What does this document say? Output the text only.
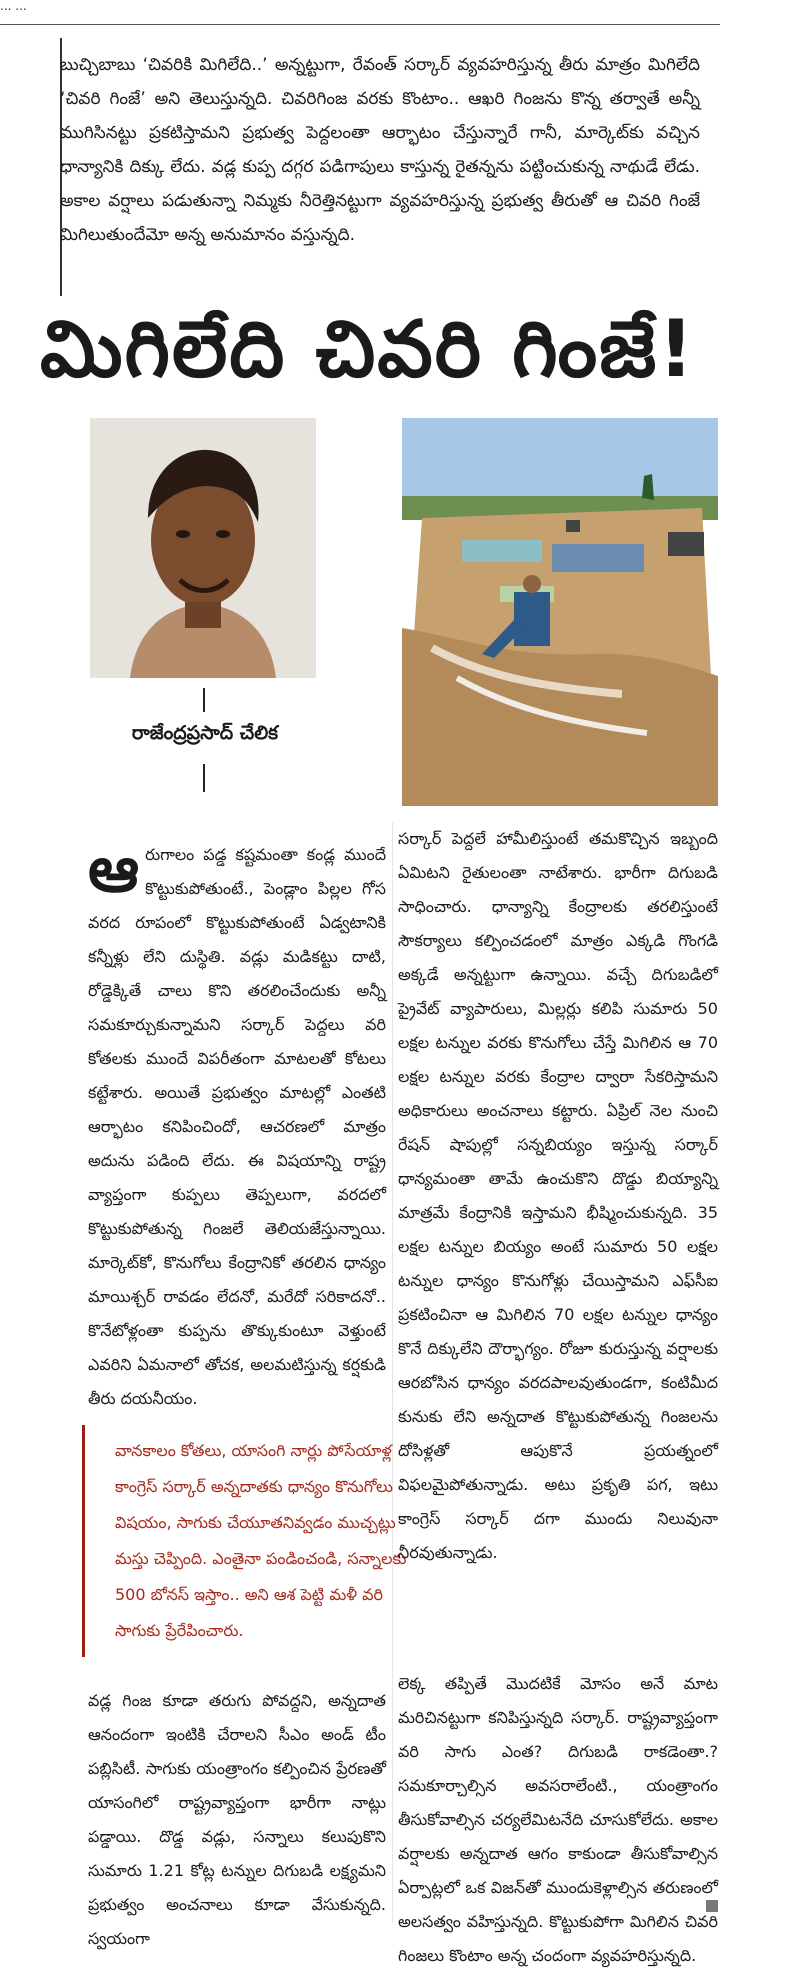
... ...
బుచ్చిబాబు ‘చివరికి మిగిలేది..’ అన్నట్టుగా, రేవంత్ సర్కార్ వ్యవహరిస్తున్న తీరు మాత్రం మిగిలేది ‘చివరి గింజే’ అని తెలుస్తున్నది. చివరిగింజ వరకు కొంటాం.. ఆఖరి గింజను కొన్న తర్వాతే అన్నీ ముగిసినట్టు ప్రకటిస్తామని ప్రభుత్వ పెద్దలంతా ఆర్భాటం చేస్తున్నారే గానీ, మార్కెట్‌కు వచ్చిన ధాన్యానికి దిక్కు లేదు. వడ్ల కుప్ప దగ్గర పడిగాపులు కాస్తున్న రైతన్నను పట్టించుకున్న నాథుడే లేడు. అకాల వర్షాలు పడుతున్నా నిమ్మకు నీరెత్తినట్టుగా వ్యవహరిస్తున్న ప్రభుత్వ తీరుతో ఆ చివరి గింజే మిగిలుతుందేమో అన్న అనుమానం వస్తున్నది.
మిగిలేది చివరి గింజే!
రాజేంద్రప్రసాద్ చేలిక
ఆ రుగాలం పడ్డ కష్టమంతా కండ్ల ముందే కొట్టుకుపోతుంటే., పెండ్లాం పిల్లల గోస వరద రూపంలో కొట్టుకుపోతుంటే ఏడ్వటానికి కన్నీళ్లు లేని దుస్థితి. వడ్లు మడికట్టు దాటి, రోడ్డెక్కితే చాలు కొని తరలించేందుకు అన్నీ సమకూర్చుకున్నామని సర్కార్ పెద్దలు వరి కోతలకు ముందే విపరీతంగా మాటలతో కోటలు కట్టేశారు. అయితే ప్రభుత్వం మాటల్లో ఎంతటి ఆర్భాటం కనిపించిందో, ఆచరణలో మాత్రం అదును పడింది లేదు. ఈ విషయాన్ని రాష్ట్ర వ్యాప్తంగా కుప్పలు తెప్పలుగా, వరదలో కొట్టుకుపోతున్న గింజలే తెలియజేస్తున్నాయి. మార్కెట్‌కో, కొనుగోలు కేంద్రానికో తరలిన ధాన్యం మాయిశ్చర్ రావడం లేదనో, మరేదో సరికాదనో.. కొనేటోళ్లంతా కుప్పను తొక్కుకుంటూ వెళ్తుంటే ఎవరిని ఏమనాలో తోచక, అలమటిస్తున్న కర్షకుడి తీరు దయనీయం.

వానకాలం కోతలు, యాసంగి నార్లు పోసేయాళ్ల కాంగ్రెస్ సర్కార్ అన్నదాతకు ధాన్యం కొనుగోలు విషయం, సాగుకు చేయూతనివ్వడం ముచ్చట్లు మస్తు చెప్పింది. ఎంతైనా పండించండి, సన్నాలకు 500 బోనస్ ఇస్తాం.. అని ఆశ పెట్టి మళీ వరి సాగుకు ప్రేరేపించారు.

వడ్ల గింజ కూడా తరుగు పోవద్దని, అన్నదాత ఆనందంగా ఇంటికి చేరాలని సీఎం అండ్ టీం పబ్లిసిటీ. సాగుకు యంత్రాంగం కల్పించిన ప్రేరణతో యాసంగిలో రాష్ట్రవ్యాప్తంగా భారీగా నాట్లు పడ్డాయి. దొడ్డ వడ్లు, సన్నాలు కలుపుకొని సుమారు 1.21 కోట్ల టన్నుల దిగుబడి లక్ష్యమని ప్రభుత్వం అంచనాలు కూడా వేసుకున్నది. స్వయంగా

సర్కార్ పెద్దలే హామీలిస్తుంటే తమకొచ్చిన ఇబ్బంది ఏమిటని రైతులంతా నాటేశారు. భారీగా దిగుబడి సాధించారు. ధాన్యాన్ని కేంద్రాలకు తరలిస్తుంటే సౌకర్యాలు కల్పించడంలో మాత్రం ఎక్కడి గొంగడి అక్కడే అన్నట్టుగా ఉన్నాయి. వచ్చే దిగుబడిలో ప్రైవేట్ వ్యాపారులు, మిల్లర్లు కలిపి సుమారు 50 లక్షల టన్నుల వరకు కొనుగోలు చేస్తే మిగిలిన ఆ 70 లక్షల టన్నుల వరకు కేంద్రాల ద్వారా సేకరిస్తామని అధికారులు అంచనాలు కట్టారు. ఏప్రిల్ నెల నుంచి రేషన్ షాపుల్లో సన్నబియ్యం ఇస్తున్న సర్కార్ ధాన్యమంతా తామే ఉంచుకొని దొడ్డు బియ్యాన్ని మాత్రమే కేంద్రానికి ఇస్తామని భీష్మించుకున్నది. 35 లక్షల టన్నుల బియ్యం అంటే సుమారు 50 లక్షల టన్నుల ధాన్యం కొనుగోళ్లు చేయిస్తామని ఎఫ్‌సీఐ ప్రకటించినా ఆ మిగిలిన 70 లక్షల టన్నుల ధాన్యం కొనే దిక్కులేని దౌర్భాగ్యం. రోజూ కురుస్తున్న వర్షాలకు ఆరబోసిన ధాన్యం వరదపాలవుతుండగా, కంటిమీద కునుకు లేని అన్నదాత కొట్టుకుపోతున్న గింజలను దోసిళ్లతో ఆపుకొనే ప్రయత్నంలో విఫలమైపోతున్నాడు. అటు ప్రకృతి పగ, ఇటు కాంగ్రెస్ సర్కార్ దగా ముందు నిలువునా నీరవుతున్నాడు.

లెక్క తప్పితే మొదటికే మోసం అనే మాట మరిచినట్టుగా కనిపిస్తున్నది సర్కార్. రాష్ట్రవ్యాప్తంగా వరి సాగు ఎంత? దిగుబడి రాకడెంతా.? సమకూర్చాల్సిన అవసరాలేంటి., యంత్రాంగం తీసుకోవాల్సిన చర్యలేమిటనేది చూసుకోలేదు. అకాల వర్షాలకు అన్నదాత ఆగం కాకుండా తీసుకోవాల్సిన ఏర్పాట్లలో ఒక విజన్‌తో ముందుకెళ్లాల్సిన తరుణంలో అలసత్వం వహిస్తున్నది. కొట్టుకుపోగా మిగిలిన చివరి గింజలు కొంటాం అన్న చందంగా వ్యవహరిస్తున్నది.
